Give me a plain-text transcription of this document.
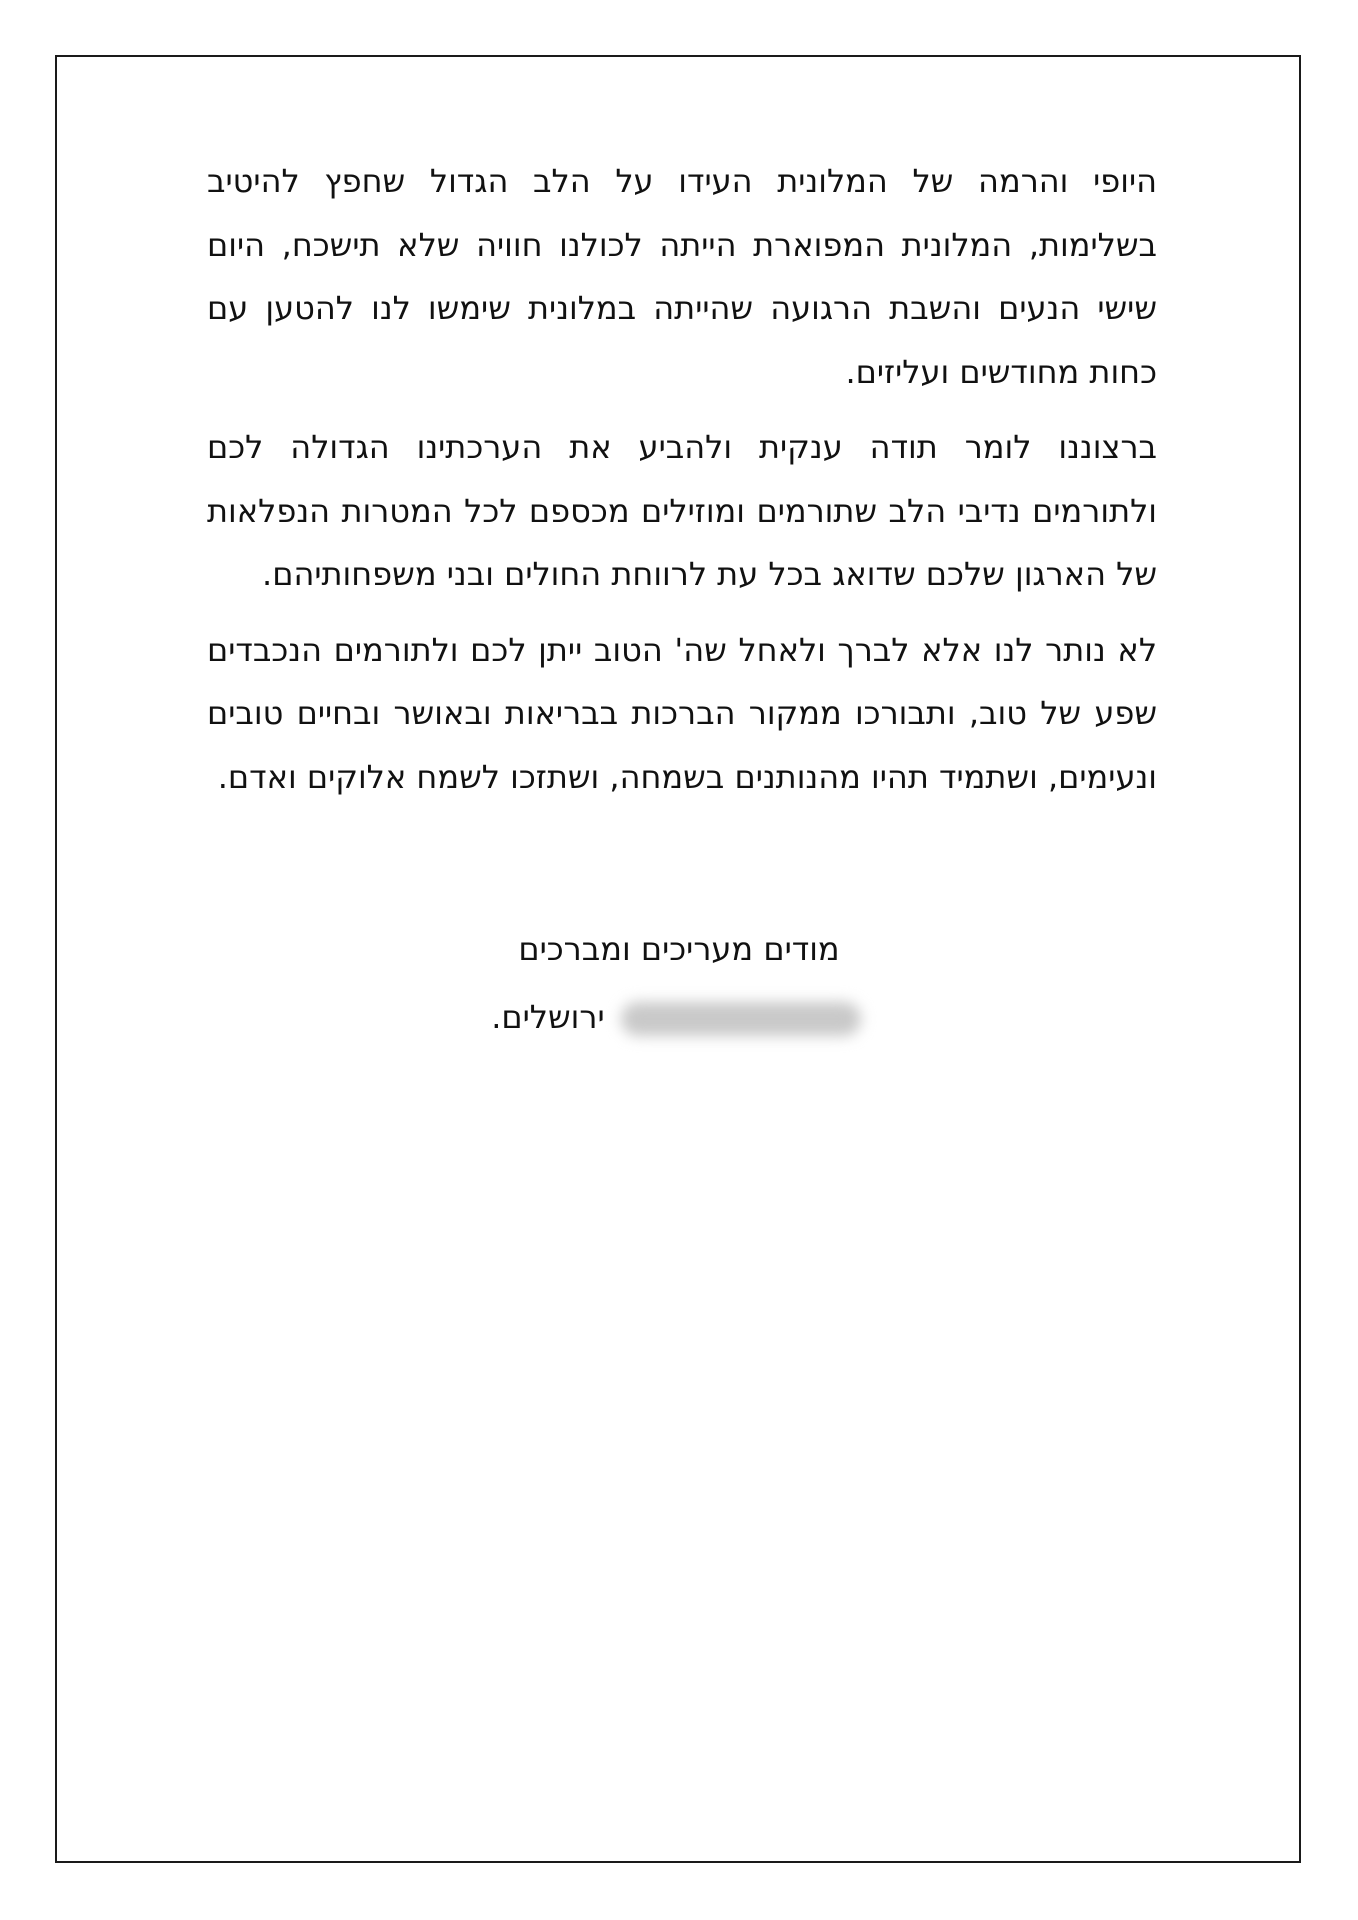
היופי והרמה של המלונית העידו על הלב הגדול שחפץ להיטיב בשלימות, המלונית המפוארת הייתה לכולנו חוויה שלא תישכח, היום שישי הנעים והשבת הרגועה שהייתה במלונית שימשו לנו להטען עם כחות מחודשים ועליזים.

ברצוננו לומר תודה ענקית ולהביע את הערכתינו הגדולה לכם ולתורמים נדיבי הלב שתורמים ומוזילים מכספם לכל המטרות הנפלאות של הארגון שלכם שדואג בכל עת לרווחת החולים ובני משפחותיהם.

לא נותר לנו אלא לברך ולאחל שה' הטוב ייתן לכם ולתורמים הנכבדים שפע של טוב, ותבורכו ממקור הברכות בבריאות ובאושר ובחיים טובים ונעימים, ושתמיד תהיו מהנותנים בשמחה, ושתזכו לשמח אלוקים ואדם.

מודים מעריכים ומברכים
ירושלים.
